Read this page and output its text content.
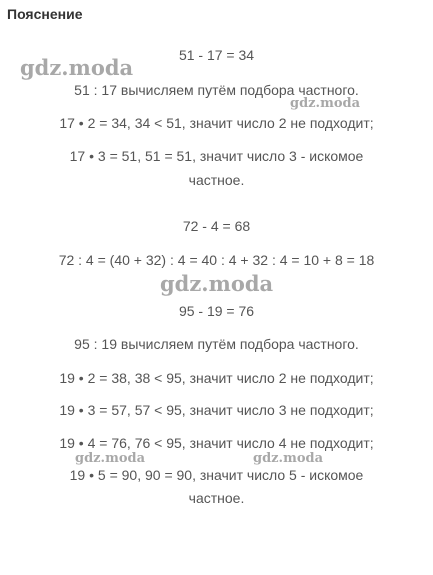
Пояснение
51 - 17 = 34
51 : 17 вычисляем путём подбора частного.
17 • 2 = 34, 34 < 51, значит число 2 не подходит;
17 • 3 = 51, 51 = 51, значит число 3 - искомое
частное.
72 - 4 = 68
72 : 4 = (40 + 32) : 4 = 40 : 4 + 32 : 4 = 10 + 8 = 18
95 - 19 = 76
95 : 19 вычисляем путём подбора частного.
19 • 2 = 38, 38 < 95, значит число 2 не подходит;
19 • 3 = 57, 57 < 95, значит число 3 не подходит;
19 • 4 = 76, 76 < 95, значит число 4 не подходит;
19 • 5 = 90, 90 = 90, значит число 5 - искомое
частное.
gdz.moda
gdz.moda
gdz.moda
gdz.moda	gdz.moda
